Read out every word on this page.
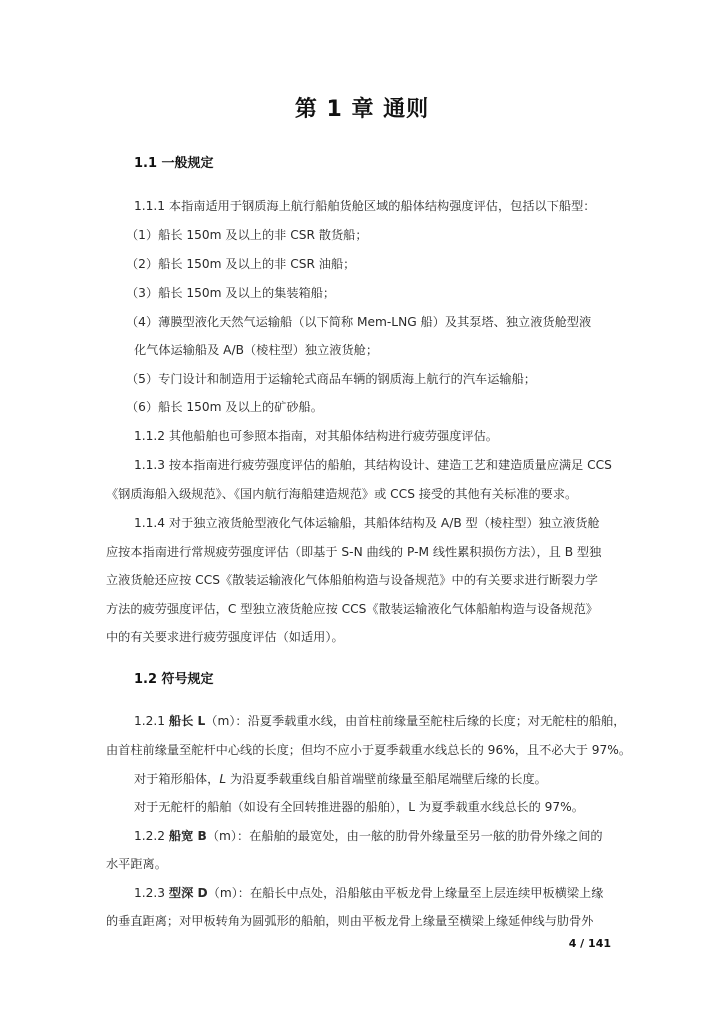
第 1 章 通则
1.1 一般规定
1.1.1 本指南适用于钢质海上航行船舶货舱区域的船体结构强度评估，包括以下船型：
（1）船长 150m 及以上的非 CSR 散货船；
（2）船长 150m 及以上的非 CSR 油船；
（3）船长 150m 及以上的集装箱船；
（4）薄膜型液化天然气运输船（以下简称 Mem-LNG 船）及其泵塔、独立液货舱型液
化气体运输船及 A/B（棱柱型）独立液货舱；
（5）专门设计和制造用于运输轮式商品车辆的钢质海上航行的汽车运输船；
（6）船长 150m 及以上的矿砂船。
1.1.2 其他船舶也可参照本指南，对其船体结构进行疲劳强度评估。
1.1.3 按本指南进行疲劳强度评估的船舶，其结构设计、建造工艺和建造质量应满足 CCS
《钢质海船入级规范》、《国内航行海船建造规范》或 CCS 接受的其他有关标准的要求。
1.1.4 对于独立液货舱型液化气体运输船，其船体结构及 A/B 型（棱柱型）独立液货舱
应按本指南进行常规疲劳强度评估（即基于 S-N 曲线的 P-M 线性累积损伤方法），且 B 型独
立液货舱还应按 CCS《散装运输液化气体船舶构造与设备规范》中的有关要求进行断裂力学
方法的疲劳强度评估，C 型独立液货舱应按 CCS《散装运输液化气体船舶构造与设备规范》
中的有关要求进行疲劳强度评估（如适用）。
1.2 符号规定
1.2.1 船长 L（m）：沿夏季载重水线，由首柱前缘量至舵柱后缘的长度；对无舵柱的船舶，
由首柱前缘量至舵杆中心线的长度；但均不应小于夏季载重水线总长的 96%，且不必大于 97%。
对于箱形船体，L 为沿夏季载重线自船首端壁前缘量至船尾端壁后缘的长度。
对于无舵杆的船舶（如设有全回转推进器的船舶），L 为夏季载重水线总长的 97%。
1.2.2 船宽 B（m）：在船舶的最宽处，由一舷的肋骨外缘量至另一舷的肋骨外缘之间的
水平距离。
1.2.3 型深 D（m）：在船长中点处，沿船舷由平板龙骨上缘量至上层连续甲板横梁上缘
的垂直距离；对甲板转角为圆弧形的船舶，则由平板龙骨上缘量至横梁上缘延伸线与肋骨外
4 / 141
